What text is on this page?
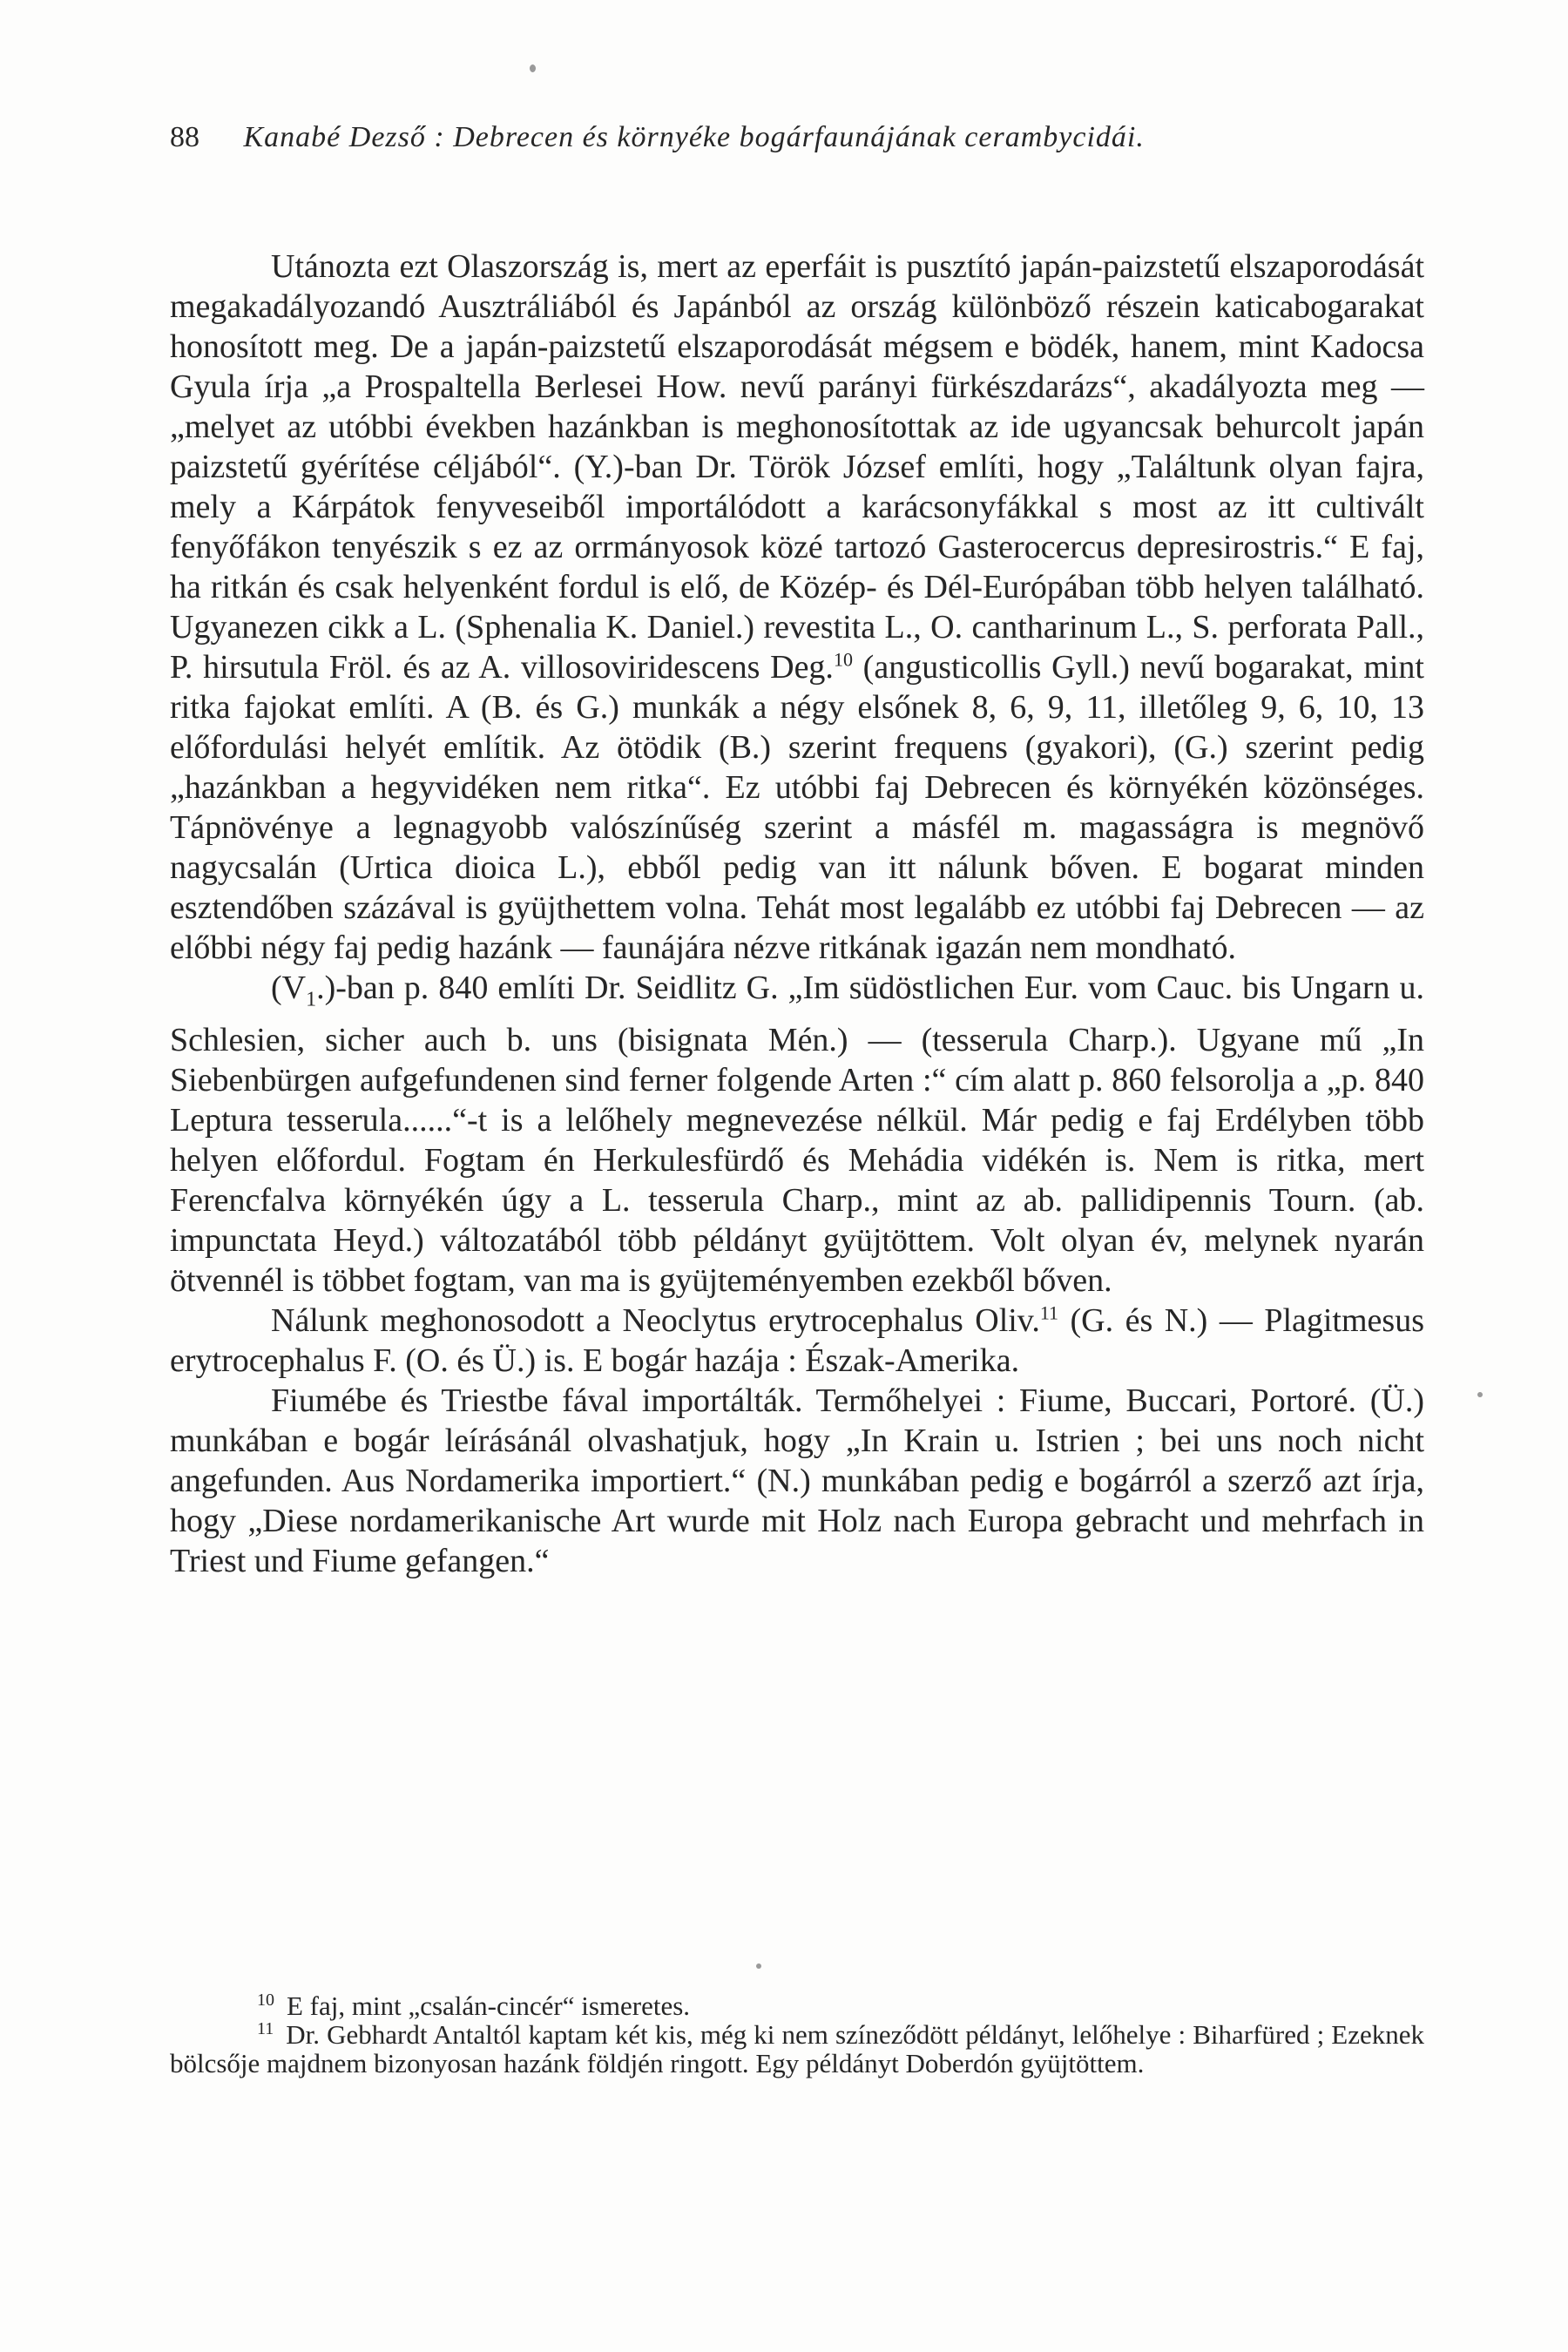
88 Kanabé Dezső : Debrecen és környéke bogárfaunájának cerambycidái.

Utánozta ezt Olaszország is, mert az eperfáit is pusztító japán-paizstetű elszaporodását megakadályozandó Ausztráliából és Japánból az ország különböző részein katicabogarakat honosított meg. De a japán-paizstetű elszaporodását mégsem e bödék, hanem, mint Kadocsa Gyula írja „a Prospaltella Berlesei How. nevű parányi fürkészdarázs“, akadályozta meg — „melyet az utóbbi években hazánkban is meghonosítottak az ide ugyancsak behurcolt japán paizstetű gyérítése céljából“. (Y.)-ban Dr. Török József említi, hogy „Találtunk olyan fajra, mely a Kárpátok fenyveseiből importálódott a karácsonyfákkal s most az itt cultivált fenyőfákon tenyészik s ez az orrmányosok közé tartozó Gasterocercus depresirostris.“ E faj, ha ritkán és csak helyenként fordul is elő, de Közép- és Dél-Európában több helyen található. Ugyanezen cikk a L. (Sphenalia K. Daniel.) revestita L., O. cantharinum L., S. perforata Pall., P. hirsutula Fröl. és az A. villosoviridescens Deg.$^{10}$ (angusticollis Gyll.) nevű bogarakat, mint ritka fajokat említi. A (B. és G.) munkák a négy elsőnek 8, 6, 9, 11, illetőleg 9, 6, 10, 13 előfordulási helyét említik. Az ötödik (B.) szerint frequens (gyakori), (G.) szerint pedig „hazánkban a hegyvidéken nem ritka“. Ez utóbbi faj Debrecen és környékén közönséges. Tápnövénye a legnagyobb valószínűség szerint a másfél m. magasságra is megnövő nagycsalán (Urtica dioica L.), ebből pedig van itt nálunk bőven. E bogarat minden esztendőben százával is gyüjthettem volna. Tehát most legalább ez utóbbi faj Debrecen — az előbbi négy faj pedig hazánk — faunájára nézve ritkának igazán nem mondható.

$(V_1.)$-ban p. 840 említi Dr. Seidlitz G. „Im südöstlichen Eur. vom Cauc. bis Ungarn u. Schlesien, sicher auch b. uns (bisignata Mén.) — (tesserula Charp.). Ugyane mű „In Siebenbürgen aufgefundenen sind ferner folgende Arten :“ cím alatt p. 860 felsorolja a „p. 840 Leptura tesserula......“-t is a lelőhely megnevezése nélkül. Már pedig e faj Erdélyben több helyen előfordul. Fogtam én Herkulesfürdő és Mehádia vidékén is. Nem is ritka, mert Ferencfalva környékén úgy a L. tesserula Charp., mint az ab. pallidipennis Tourn. (ab. impunctata Heyd.) változatából több példányt gyüjtöttem. Volt olyan év, melynek nyarán ötvennél is többet fogtam, van ma is gyüjteményemben ezekből bőven.

Nálunk meghonosodott a Neoclytus erytrocephalus Oliv.$^{11}$ (G. és N.) — Plagitmesus erytrocephalus F. (O. és Ü.) is. E bogár hazája : Észak-Amerika.

Fiumébe és Triestbe fával importálták. Termőhelyei : Fiume, Buccari, Portoré. (Ü.) munkában e bogár leírásánál olvashatjuk, hogy „In Krain u. Istrien ; bei uns noch nicht angefunden. Aus Nordamerika importiert.“ (N.) munkában pedig e bogárról a szerző azt írja, hogy „Diese nordamerikanische Art wurde mit Holz nach Europa gebracht und mehrfach in Triest und Fiume gefangen.“

$^{10}$ E faj, mint „csalán-cincér“ ismeretes.

$^{11}$ Dr. Gebhardt Antaltól kaptam két kis, még ki nem színeződött példányt, lelőhelye : Biharfüred ; Ezeknek bölcsője majdnem bizonyosan hazánk földjén ringott. Egy példányt Doberdón gyüjtöttem.
